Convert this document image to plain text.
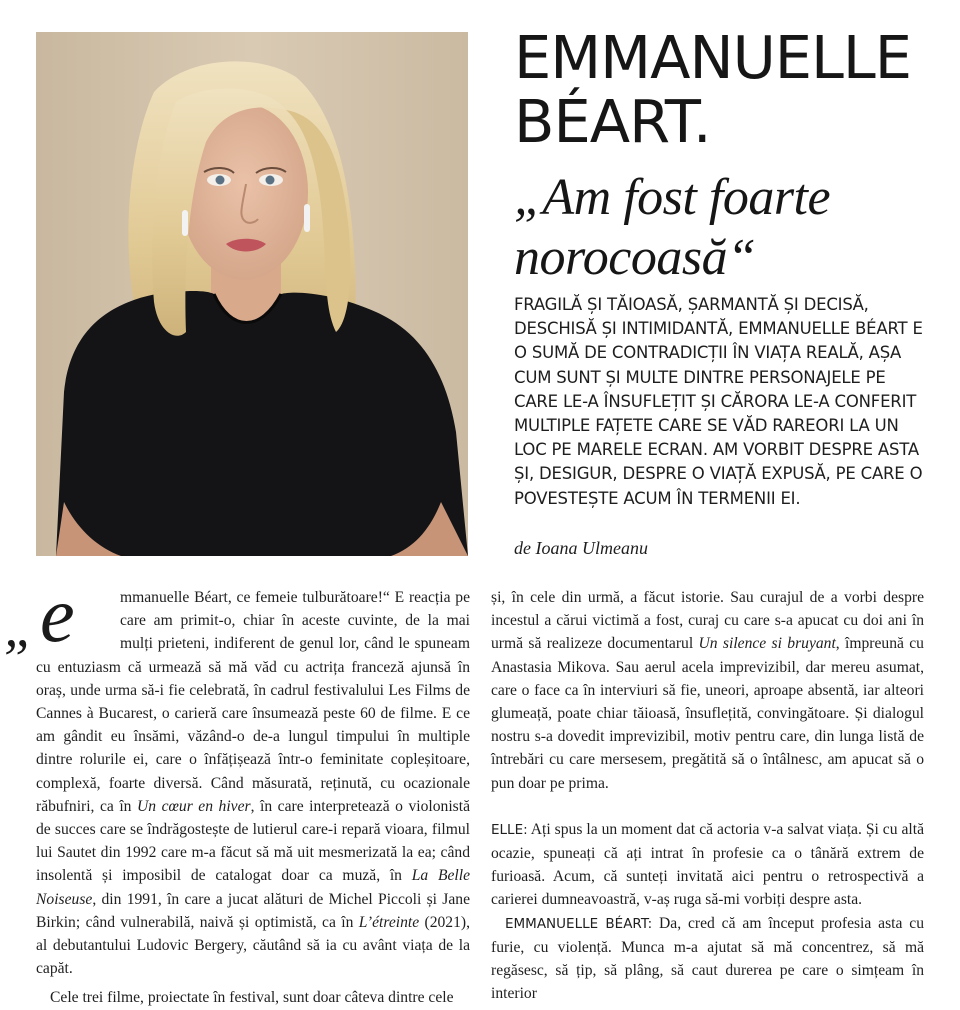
EMMANUELLE BÉART.
„Am fost foarte norocoasă“

FRAGILĂ ȘI TĂIOASĂ, ȘARMANTĂ ȘI DECISĂ, DESCHISĂ ȘI INTIMIDANTĂ, EMMANUELLE BÉART E O SUMĂ DE CONTRADICȚII ÎN VIAȚA REALĂ, AȘA CUM SUNT ȘI MULTE DINTRE PERSONAJELE PE CARE LE-A ÎNSUFLEȚIT ȘI CĂRORA LE-A CONFERIT MULTIPLE FAȚETE CARE SE VĂD RAREORI LA UN LOC PE MARELE ECRAN. AM VORBIT DESPRE ASTA ȘI, DESIGUR, DESPRE O VIAȚĂ EXPUSĂ, PE CARE O POVESTEȘTE ACUM ÎN TERMENII EI.

de Ioana Ulmeanu

„ e	mmanuelle Béart, ce femeie tulburătoare!“ E reacția pe care am primit-o, chiar în aceste cuvinte, de la mai mulți prieteni, indiferent de genul lor, când le spuneam cu entuziasm că urmează să mă văd cu actrița franceză ajunsă în oraș, unde urma să-i fie celebrată, în cadrul festivalului Les Films de Cannes à Bucarest, o carieră care însumează peste 60 de filme. E ce am gândit eu însămi, văzând-o de-a lungul timpului în multiple dintre rolurile ei, care o înfățișează într-o feminitate copleșitoare, complexă, foarte diversă. Când măsurată, reținută, cu ocazionale răbufniri, ca în Un cœur en hiver, în care interpretează o violonistă de succes care se îndrăgostește de lutierul care-i repară vioara, filmul lui Sautet din 1992 care m-a făcut să mă uit mesmerizată la ea; când insolentă și imposibil de catalogat doar ca muză, în La Belle Noiseuse, din 1991, în care a jucat alături de Michel Piccoli și Jane Birkin; când vulnerabilă, naivă și optimistă, ca în L’étreinte (2021), al debutantului Ludovic Bergery, căutând să ia cu avânt viața de la capăt.

Cele trei filme, proiectate în festival, sunt doar câteva dintre cele

și, în cele din urmă, a făcut istorie. Sau curajul de a vorbi despre incestul a cărui victimă a fost, curaj cu care s-a apucat cu doi ani în urmă să realizeze documentarul Un silence si bruyant, împreună cu Anastasia Mikova. Sau aerul acela imprevizibil, dar mereu asumat, care o face ca în interviuri să fie, uneori, aproape absentă, iar alteori glumeață, poate chiar tăioasă, însuflețită, convingătoare. Și dialogul nostru s-a dovedit imprevizibil, motiv pentru care, din lunga listă de întrebări cu care mersesem, pregătită să o întâlnesc, am apucat să o pun doar pe prima.

ELLE: Ați spus la un moment dat că actoria v-a salvat viața. Și cu altă ocazie, spuneați că ați intrat în profesie ca o tânără extrem de furioasă. Acum, că sunteți invitată aici pentru o retrospectivă a carierei dumneavoastră, v-aș ruga să-mi vorbiți despre asta.

EMMANUELLE BÉART: Da, cred că am început profesia asta cu furie, cu violență. Munca m-a ajutat să mă concentrez, să mă regăsesc, să țip, să plâng, să caut durerea pe care o simțeam în interior
